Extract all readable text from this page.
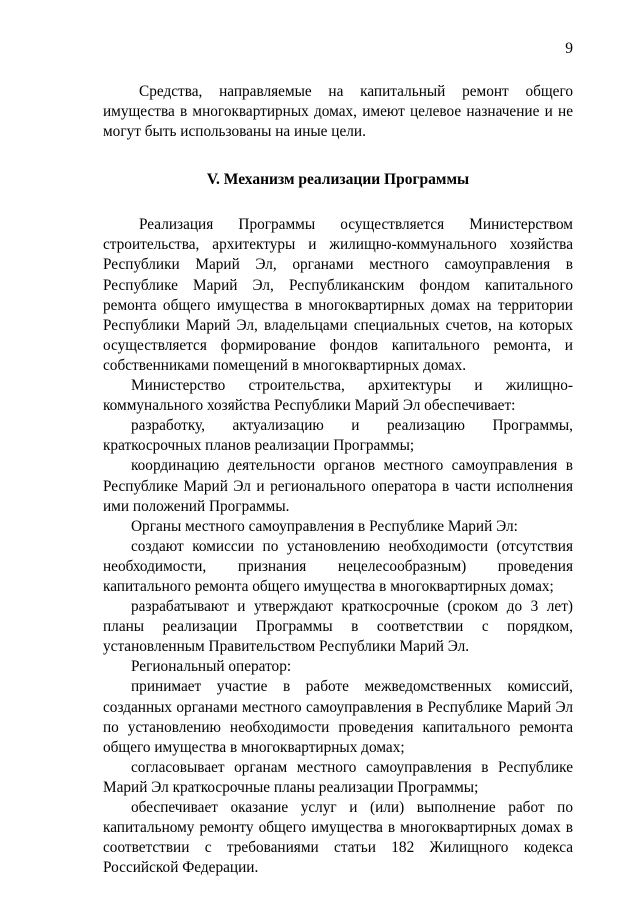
9

Средства, направляемые на капитальный ремонт общего имущества в многоквартирных домах, имеют целевое назначение и не могут быть использованы на иные цели.

V. Механизм реализации Программы

Реализация Программы осуществляется Министерством строительства, архитектуры и жилищно-коммунального хозяйства Республики Марий Эл, органами местного самоуправления в Республике Марий Эл, Республиканским фондом капитального ремонта общего имущества в многоквартирных домах на территории Республики Марий Эл, владельцами специальных счетов, на которых осуществляется формирование фондов капитального ремонта, и собственниками помещений в многоквартирных домах.

Министерство строительства, архитектуры и жилищно-коммунального хозяйства Республики Марий Эл обеспечивает:

разработку, актуализацию и реализацию Программы, краткосрочных планов реализации Программы;

координацию деятельности органов местного самоуправления в Республике Марий Эл и регионального оператора в части исполнения ими положений Программы.

Органы местного самоуправления в Республике Марий Эл:

создают комиссии по установлению необходимости (отсутствия необходимости, признания нецелесообразным) проведения капитального ремонта общего имущества в многоквартирных домах;

разрабатывают и утверждают краткосрочные (сроком до 3 лет) планы реализации Программы в соответствии с порядком, установленным Правительством Республики Марий Эл.

Региональный оператор:

принимает участие в работе межведомственных комиссий, созданных органами местного самоуправления в Республике Марий Эл по установлению необходимости проведения капитального ремонта общего имущества в многоквартирных домах;

согласовывает органам местного самоуправления в Республике Марий Эл краткосрочные планы реализации Программы;

обеспечивает оказание услуг и (или) выполнение работ по капитальному ремонту общего имущества в многоквартирных домах в соответствии с требованиями статьи 182 Жилищного кодекса Российской Федерации.
